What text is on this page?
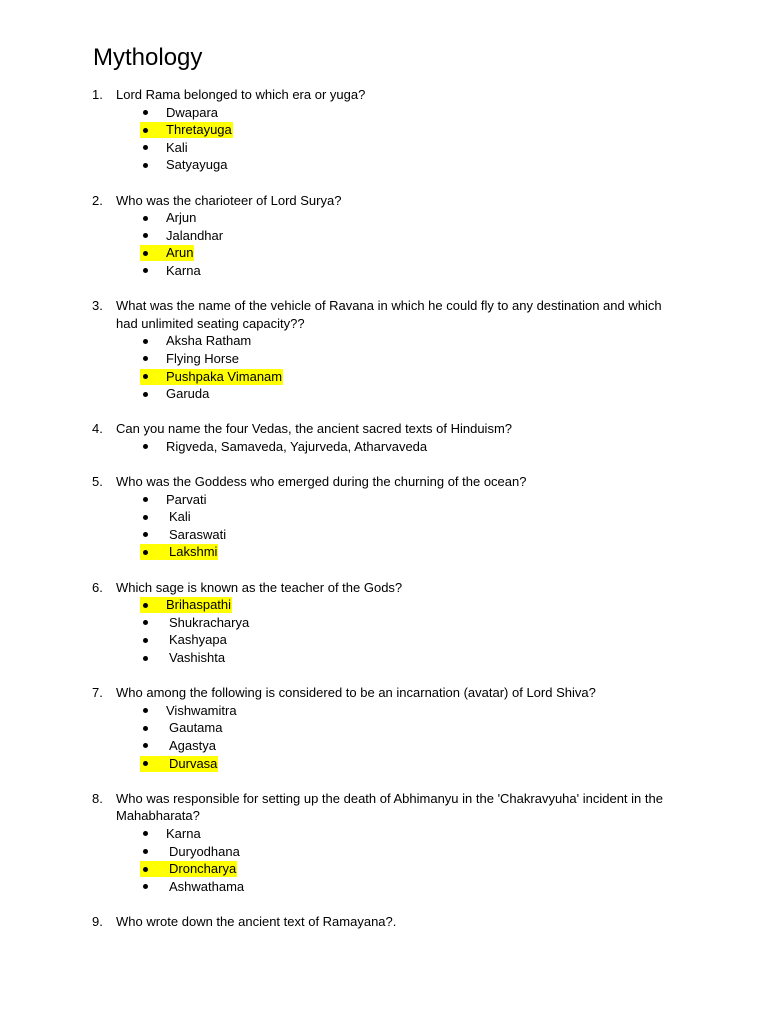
Mythology
1. Lord Rama belonged to which era or yuga?
Dwapara
Thretayuga
Kali
Satyayuga
2. Who was the charioteer of Lord Surya?
Arjun
Jalandhar
Arun
Karna
3. What was the name of the vehicle of Ravana in which he could fly to any destination and which
had unlimited seating capacity??
Aksha Ratham
Flying Horse
Pushpaka Vimanam
Garuda
4. Can you name the four Vedas, the ancient sacred texts of Hinduism?
Rigveda, Samaveda, Yajurveda, Atharvaveda
5. Who was the Goddess who emerged during the churning of the ocean?
Parvati
Kali
Saraswati
Lakshmi
6. Which sage is known as the teacher of the Gods?
Brihaspathi
Shukracharya
Kashyapa
Vashishta
7. Who among the following is considered to be an incarnation (avatar) of Lord Shiva?
Vishwamitra
Gautama
Agastya
Durvasa
8. Who was responsible for setting up the death of Abhimanyu in the 'Chakravyuha' incident in the
Mahabharata?
Karna
Duryodhana
Droncharya
Ashwathama
9. Who wrote down the ancient text of Ramayana?.
